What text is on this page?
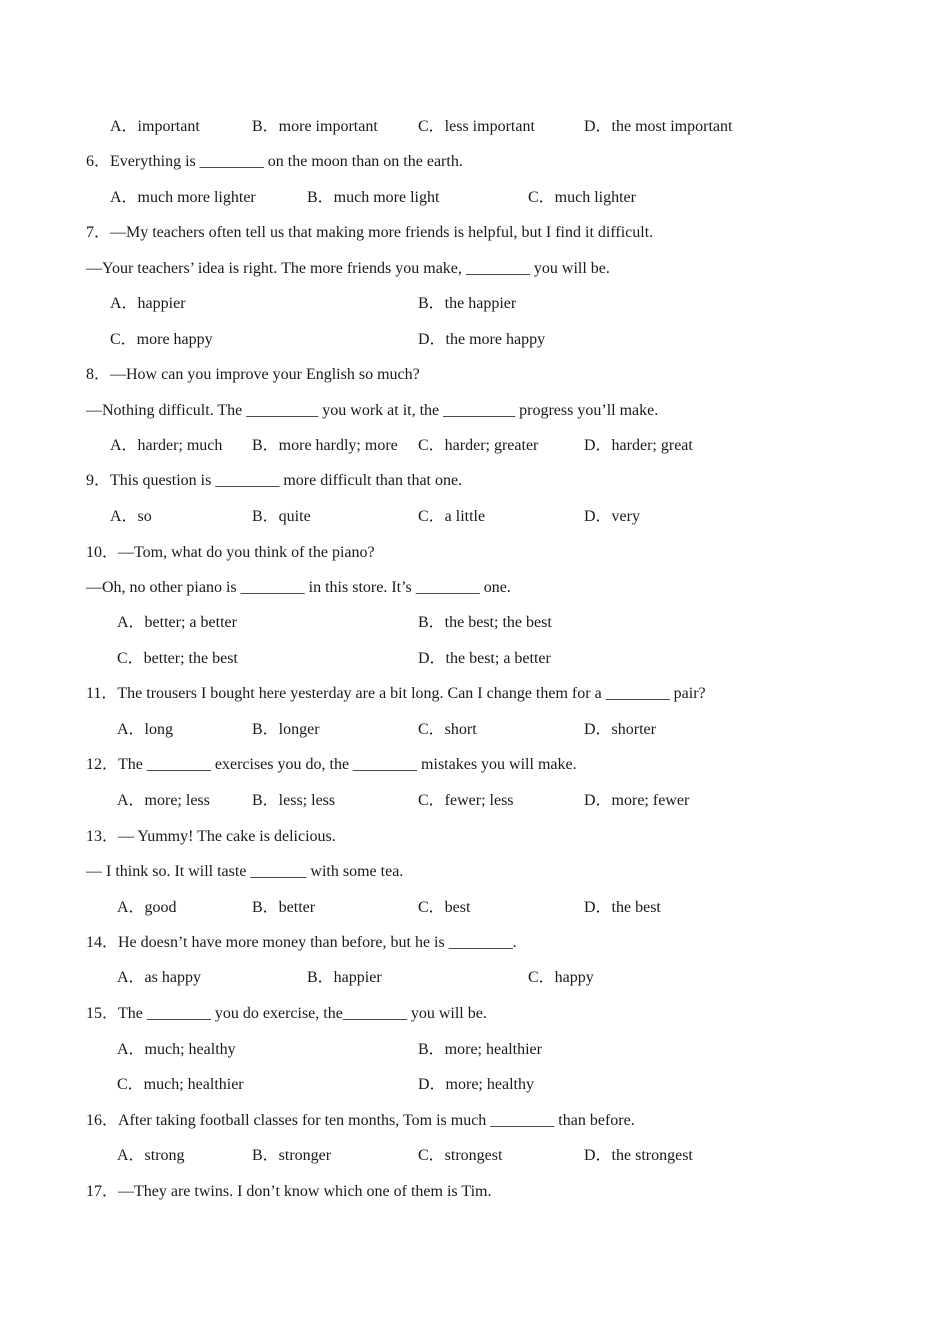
A．important	B．more important	C．less important	D．the most important
6．Everything is ________ on the moon than on the earth.
A．much more lighter	B．much more light	C．much lighter
7．—My teachers often tell us that making more friends is helpful, but I find it difficult.
—Your teachers’ idea is right. The more friends you make, ________ you will be.
A．happier	B．the happier
C．more happy	D．the more happy
8．—How can you improve your English so much?
—Nothing difficult. The _________ you work at it, the _________ progress you’ll make.
A．harder; much B．more hardly; more C．harder; greater	D．harder; great
9．This question is ________ more difficult than that one.
A．so	B．quite	C．a little	D．very
10．—Tom, what do you think of the piano?
—Oh, no other piano is ________ in this store. It’s ________ one.
A．better; a better	B．the best; the best
C．better; the best	D．the best; a better
11．The trousers I bought here yesterday are a bit long. Can I change them for a ________ pair?
A．long	B．longer	C．short	D．shorter
12．The ________ exercises you do, the ________ mistakes you will make.
A．more; less	B．less; less	C．fewer; less	D．more; fewer
13．— Yummy! The cake is delicious.
— I think so. It will taste _______ with some tea.
A．good	B．better	C．best	D．the best
14．He doesn’t have more money than before, but he is ________.
A．as happy	B．happier	C．happy
15．The ________ you do exercise, the________ you will be.
A．much; healthy	B．more; healthier
C．much; healthier	D．more; healthy
16．After taking football classes for ten months, Tom is much ________ than before.
A．strong	B．stronger	C．strongest	D．the strongest
17．—They are twins. I don’t know which one of them is Tim.
